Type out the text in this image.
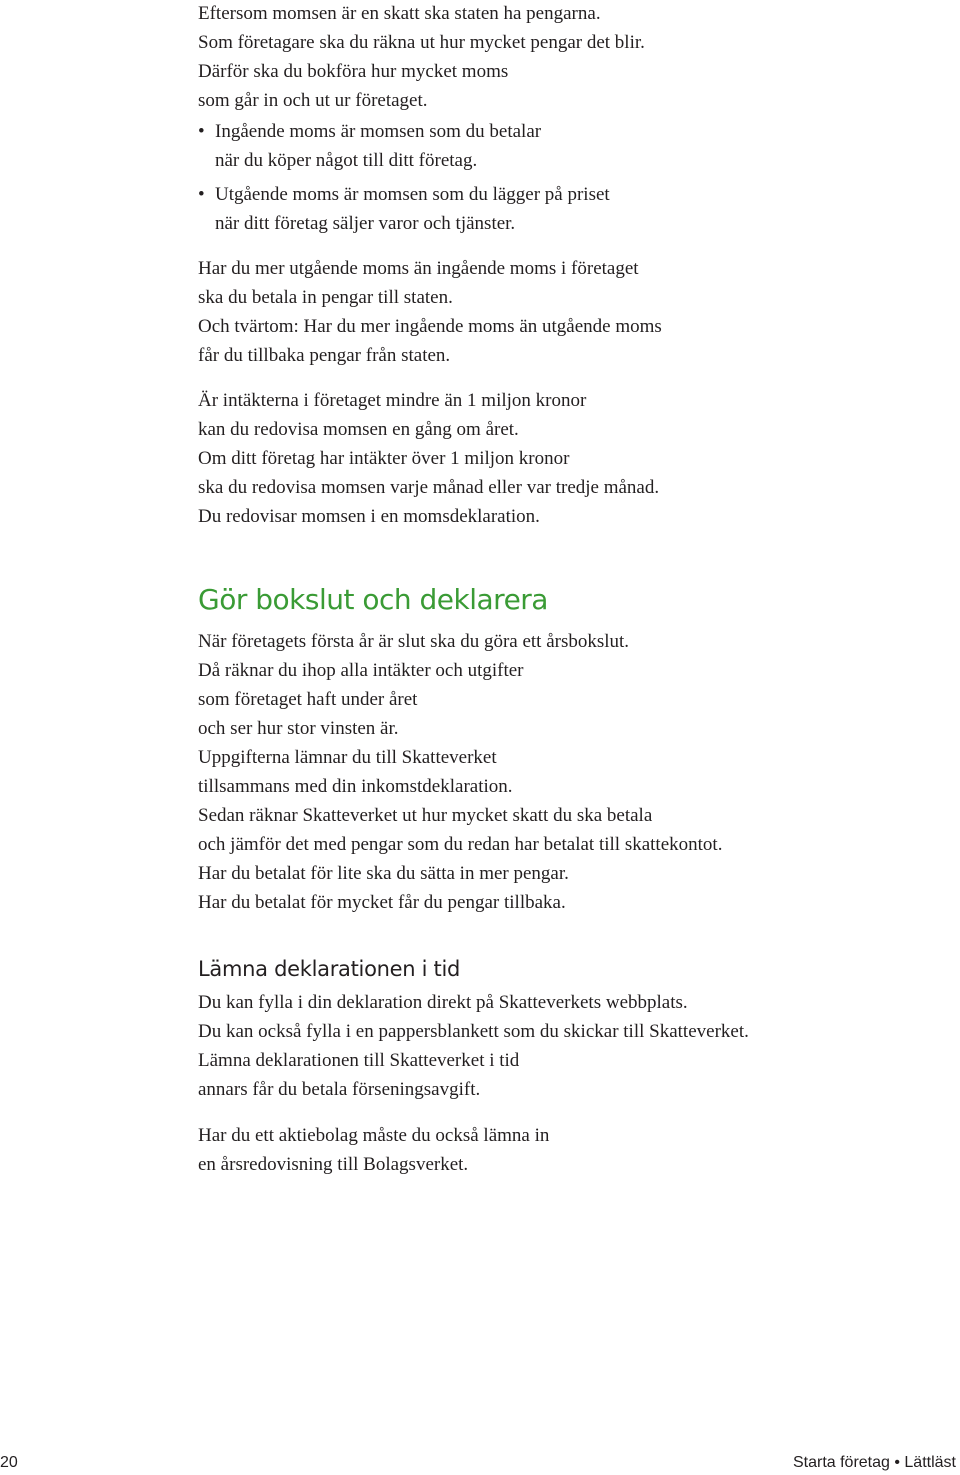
Eftersom momsen är en skatt ska staten ha pengarna.

Som företagare ska du räkna ut hur mycket pengar det blir.

Därför ska du bokföra hur mycket moms

som går in och ut ur företaget.

• Ingående moms är momsen som du betalar
när du köper något till ditt företag.
• Utgående moms är momsen som du lägger på priset
när ditt företag säljer varor och tjänster.

Har du mer utgående moms än ingående moms i företaget

ska du betala in pengar till staten.

Och tvärtom: Har du mer ingående moms än utgående moms

får du tillbaka pengar från staten.

Är intäkterna i företaget mindre än 1 miljon kronor

kan du redovisa momsen en gång om året.

Om ditt företag har intäkter över 1 miljon kronor

ska du redovisa momsen varje månad eller var tredje månad.

Du redovisar momsen i en momsdeklaration.

Gör bokslut och deklarera

När företagets första år är slut ska du göra ett årsbokslut.

Då räknar du ihop alla intäkter och utgifter

som företaget haft under året

och ser hur stor vinsten är.

Uppgifterna lämnar du till Skatteverket

tillsammans med din inkomstdeklaration.

Sedan räknar Skatteverket ut hur mycket skatt du ska betala

och jämför det med pengar som du redan har betalat till skattekontot.

Har du betalat för lite ska du sätta in mer pengar.

Har du betalat för mycket får du pengar tillbaka.

Lämna deklarationen i tid

Du kan fylla i din deklaration direkt på Skatteverkets webbplats.

Du kan också fylla i en pappersblankett som du skickar till Skatteverket.

Lämna deklarationen till Skatteverket i tid

annars får du betala förseningsavgift.

Har du ett aktiebolag måste du också lämna in

en årsredovisning till Bolagsverket.

20	Starta företag • Lättläst
